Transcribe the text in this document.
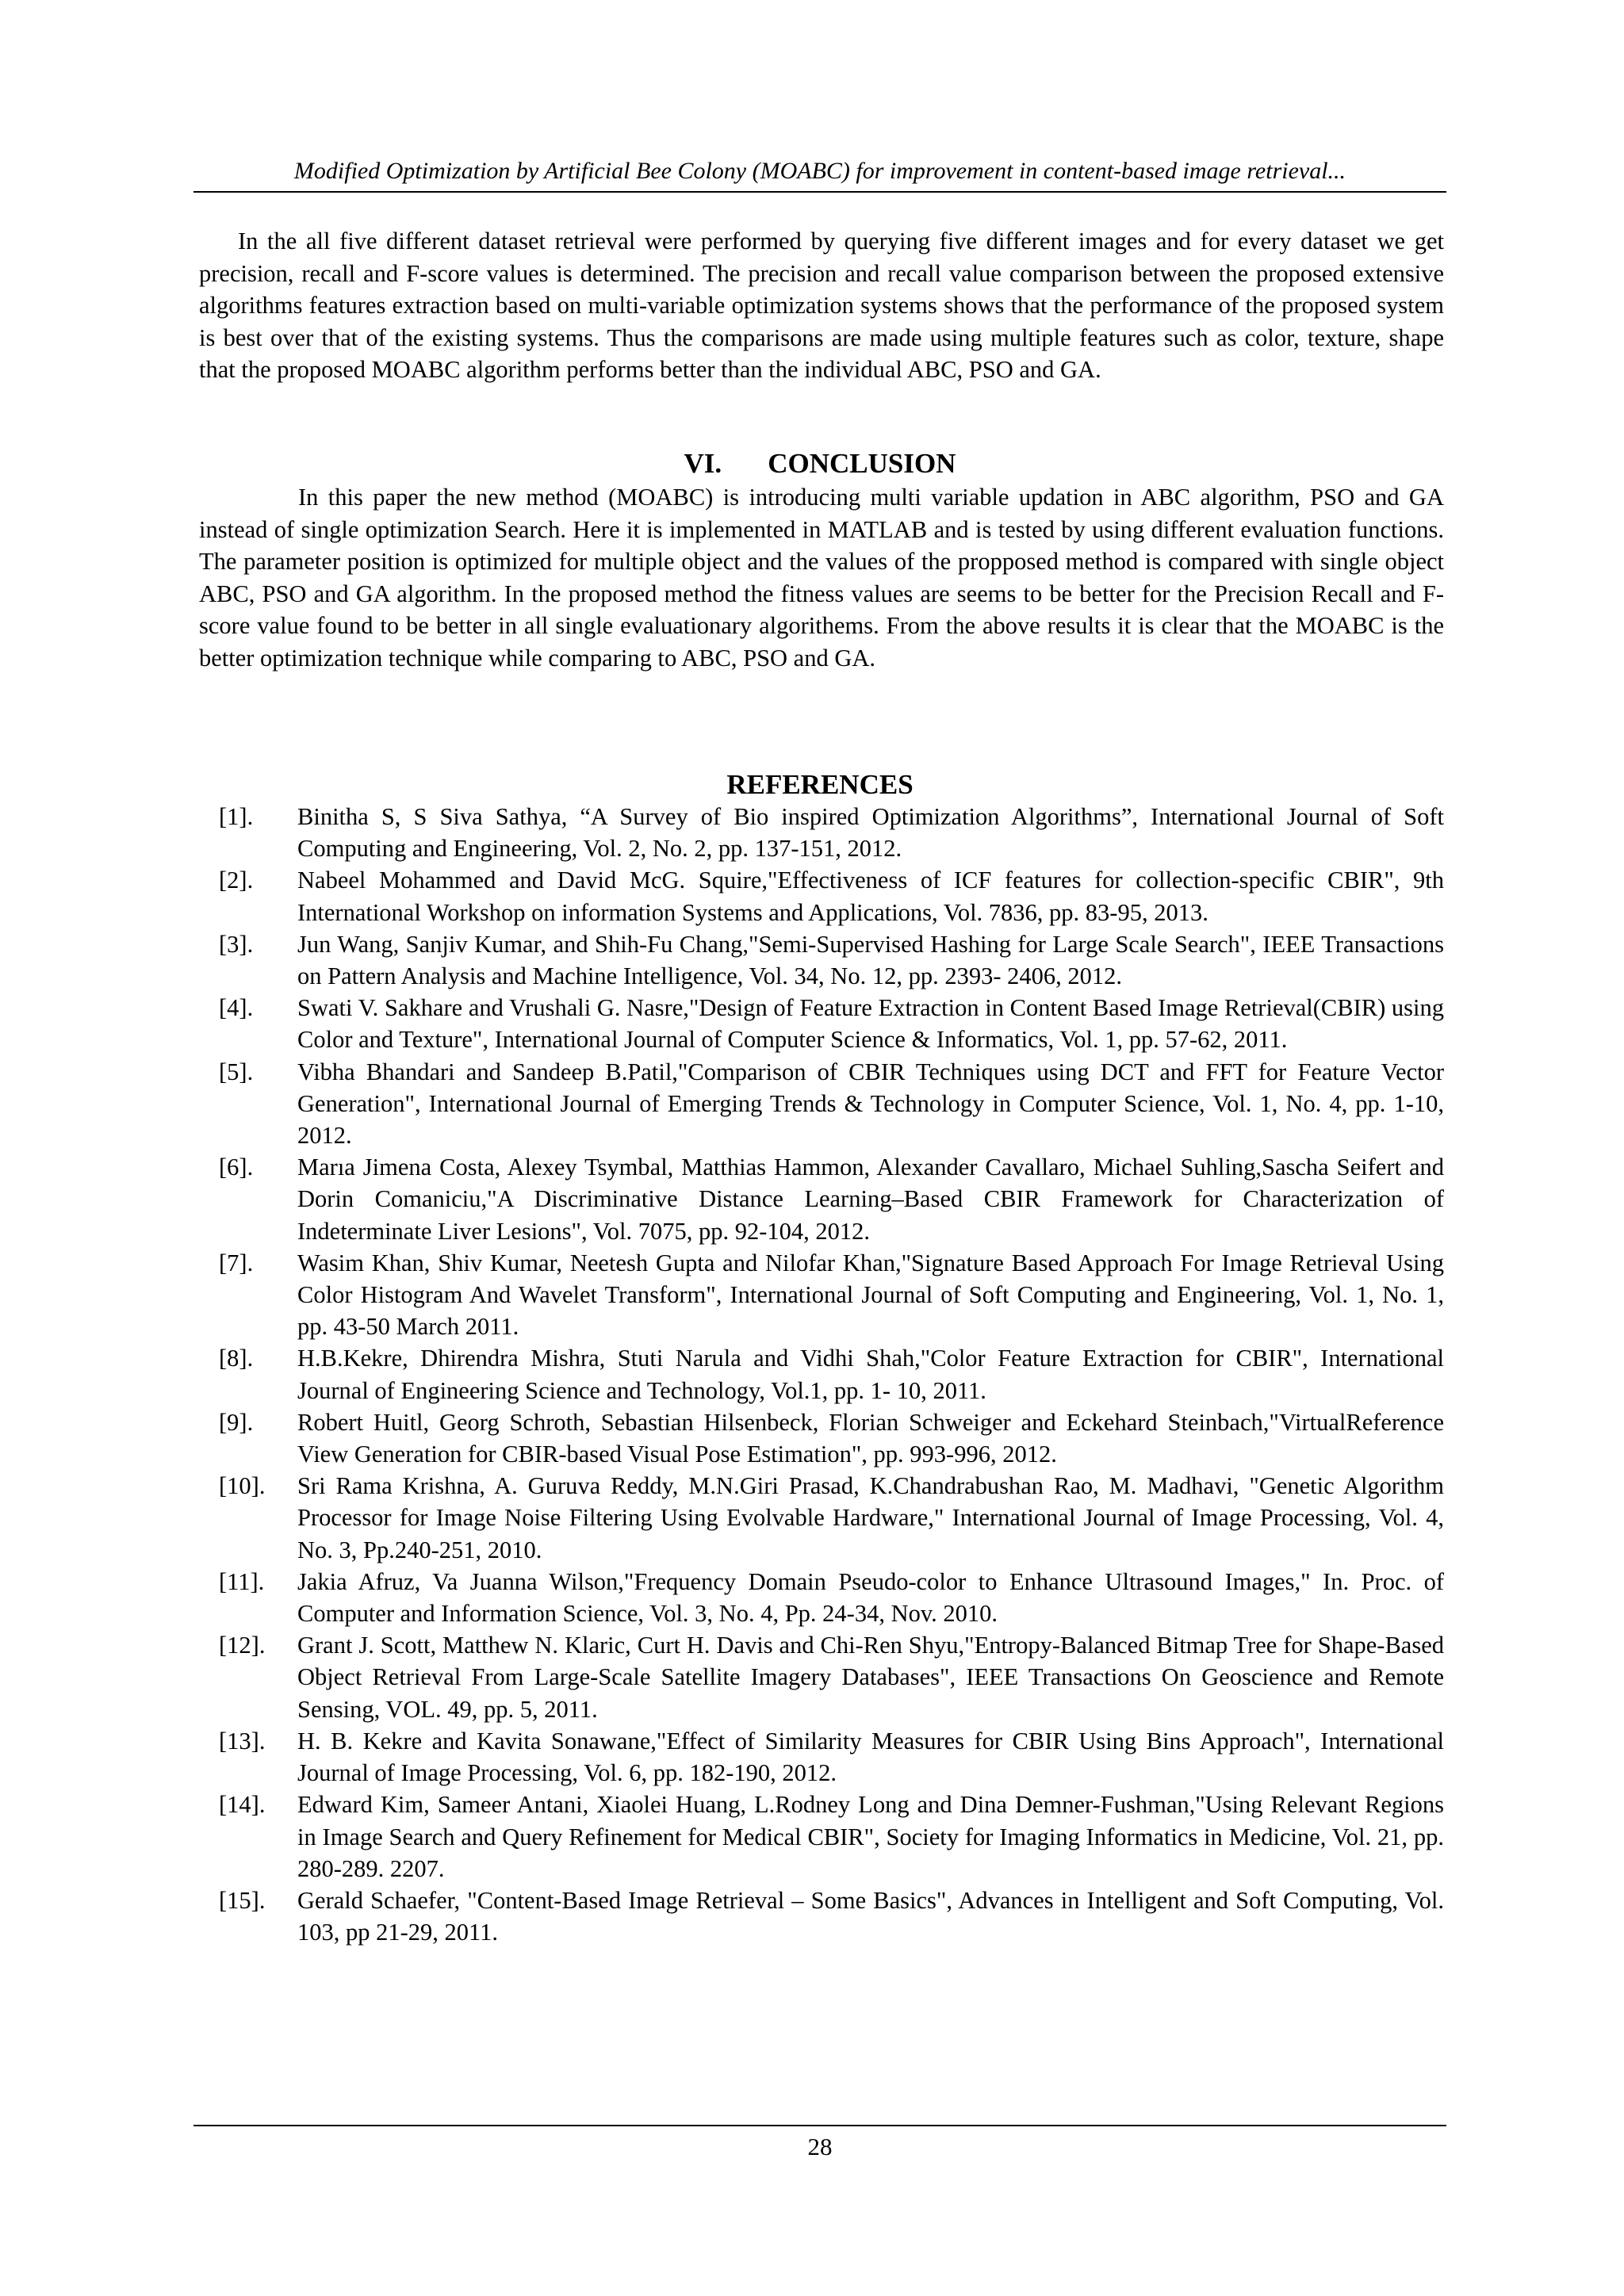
Modified Optimization by Artificial Bee Colony (MOABC) for improvement in content-based image retrieval...

In the all five different dataset retrieval were performed by querying five different images and for every dataset we get precision, recall and F-score values is determined. The precision and recall value comparison between the proposed extensive algorithms features extraction based on multi-variable optimization systems shows that the performance of the proposed system is best over that of the existing systems. Thus the comparisons are made using multiple features such as color, texture, shape that the proposed MOABC algorithm performs better than the individual ABC, PSO and GA.

VI. CONCLUSION

In this paper the new method (MOABC) is introducing multi variable updation in ABC algorithm, PSO and GA instead of single optimization Search. Here it is implemented in MATLAB and is tested by using different evaluation functions. The parameter position is optimized for multiple object and the values of the propposed method is compared with single object ABC, PSO and GA algorithm. In the proposed method the fitness values are seems to be better for the Precision Recall and F-score value found to be better in all single evaluationary algorithems. From the above results it is clear that the MOABC is the better optimization technique while comparing to ABC, PSO and GA.

REFERENCES
[1].	Binitha S, S Siva Sathya, “A Survey of Bio inspired Optimization Algorithms”, International Journal of Soft Computing and Engineering, Vol. 2, No. 2, pp. 137-151, 2012.
[2].	Nabeel Mohammed and David McG. Squire,"Effectiveness of ICF features for collection-specific CBIR", 9th International Workshop on information Systems and Applications, Vol. 7836, pp. 83-95, 2013.
[3].	Jun Wang, Sanjiv Kumar, and Shih-Fu Chang,"Semi-Supervised Hashing for Large Scale Search", IEEE Transactions on Pattern Analysis and Machine Intelligence, Vol. 34, No. 12, pp. 2393- 2406, 2012.
[4].	Swati V. Sakhare and Vrushali G. Nasre,"Design of Feature Extraction in Content Based Image Retrieval(CBIR) using Color and Texture", International Journal of Computer Science & Informatics, Vol. 1, pp. 57-62, 2011.
[5].	Vibha Bhandari and Sandeep B.Patil,"Comparison of CBIR Techniques using DCT and FFT for Feature Vector Generation", International Journal of Emerging Trends & Technology in Computer Science, Vol. 1, No. 4, pp. 1-10, 2012.
[6].	Marıa Jimena Costa, Alexey Tsymbal, Matthias Hammon, Alexander Cavallaro, Michael Suhling,Sascha Seifert and Dorin Comaniciu,"A Discriminative Distance Learning–Based CBIR Framework for Characterization of Indeterminate Liver Lesions", Vol. 7075, pp. 92-104, 2012.
[7].	Wasim Khan, Shiv Kumar, Neetesh Gupta and Nilofar Khan,"Signature Based Approach For Image Retrieval Using Color Histogram And Wavelet Transform", International Journal of Soft Computing and Engineering, Vol. 1, No. 1, pp. 43-50 March 2011.
[8].	H.B.Kekre, Dhirendra Mishra, Stuti Narula and Vidhi Shah,"Color Feature Extraction for CBIR", International Journal of Engineering Science and Technology, Vol.1, pp. 1- 10, 2011.
[9].	Robert Huitl, Georg Schroth, Sebastian Hilsenbeck, Florian Schweiger and Eckehard Steinbach,"VirtualReference View Generation for CBIR-based Visual Pose Estimation", pp. 993-996, 2012.
[10].	Sri Rama Krishna, A. Guruva Reddy, M.N.Giri Prasad, K.Chandrabushan Rao, M. Madhavi, "Genetic Algorithm Processor for Image Noise Filtering Using Evolvable Hardware," International Journal of Image Processing, Vol. 4, No. 3, Pp.240-251, 2010.
[11].	Jakia Afruz, Va Juanna Wilson,"Frequency Domain Pseudo-color to Enhance Ultrasound Images," In. Proc. of Computer and Information Science, Vol. 3, No. 4, Pp. 24-34, Nov. 2010.
[12].	Grant J. Scott, Matthew N. Klaric, Curt H. Davis and Chi-Ren Shyu,"Entropy-Balanced Bitmap Tree for Shape-Based Object Retrieval From Large-Scale Satellite Imagery Databases", IEEE Transactions On Geoscience and Remote Sensing, VOL. 49, pp. 5, 2011.
[13].	H. B. Kekre and Kavita Sonawane,"Effect of Similarity Measures for CBIR Using Bins Approach", International Journal of Image Processing, Vol. 6, pp. 182-190, 2012.
[14].	Edward Kim, Sameer Antani, Xiaolei Huang, L.Rodney Long and Dina Demner-Fushman,"Using Relevant Regions in Image Search and Query Refinement for Medical CBIR", Society for Imaging Informatics in Medicine, Vol. 21, pp. 280-289. 2207.
[15].	Gerald Schaefer, "Content-Based Image Retrieval – Some Basics", Advances in Intelligent and Soft Computing, Vol. 103, pp 21-29, 2011.
28
